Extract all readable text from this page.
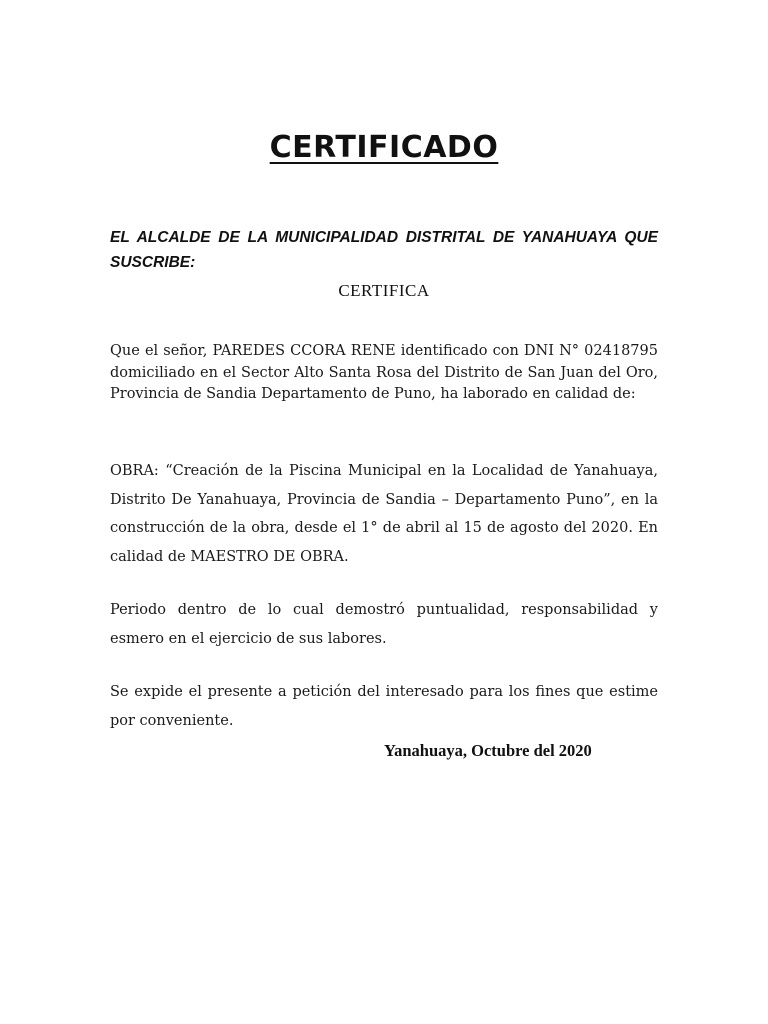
CERTIFICADO

EL ALCALDE DE LA MUNICIPALIDAD DISTRITAL DE YANAHUAYA QUE SUSCRIBE:

CERTIFICA

Que el señor, PAREDES CCORA RENE identificado con DNI N° 02418795 domiciliado en el Sector Alto Santa Rosa del Distrito de San Juan del Oro, Provincia de Sandia Departamento de Puno, ha laborado en calidad de:

OBRA: “Creación de la Piscina Municipal en la Localidad de Yanahuaya, Distrito De Yanahuaya, Provincia de Sandia – Departamento Puno”, en la construcción de la obra, desde el 1° de abril al 15 de agosto del 2020. En calidad de MAESTRO DE OBRA.

Periodo dentro de lo cual demostró puntualidad, responsabilidad y esmero en el ejercicio de sus labores.

Se expide el presente a petición del interesado para los fines que estime por conveniente.

Yanahuaya, Octubre del 2020
